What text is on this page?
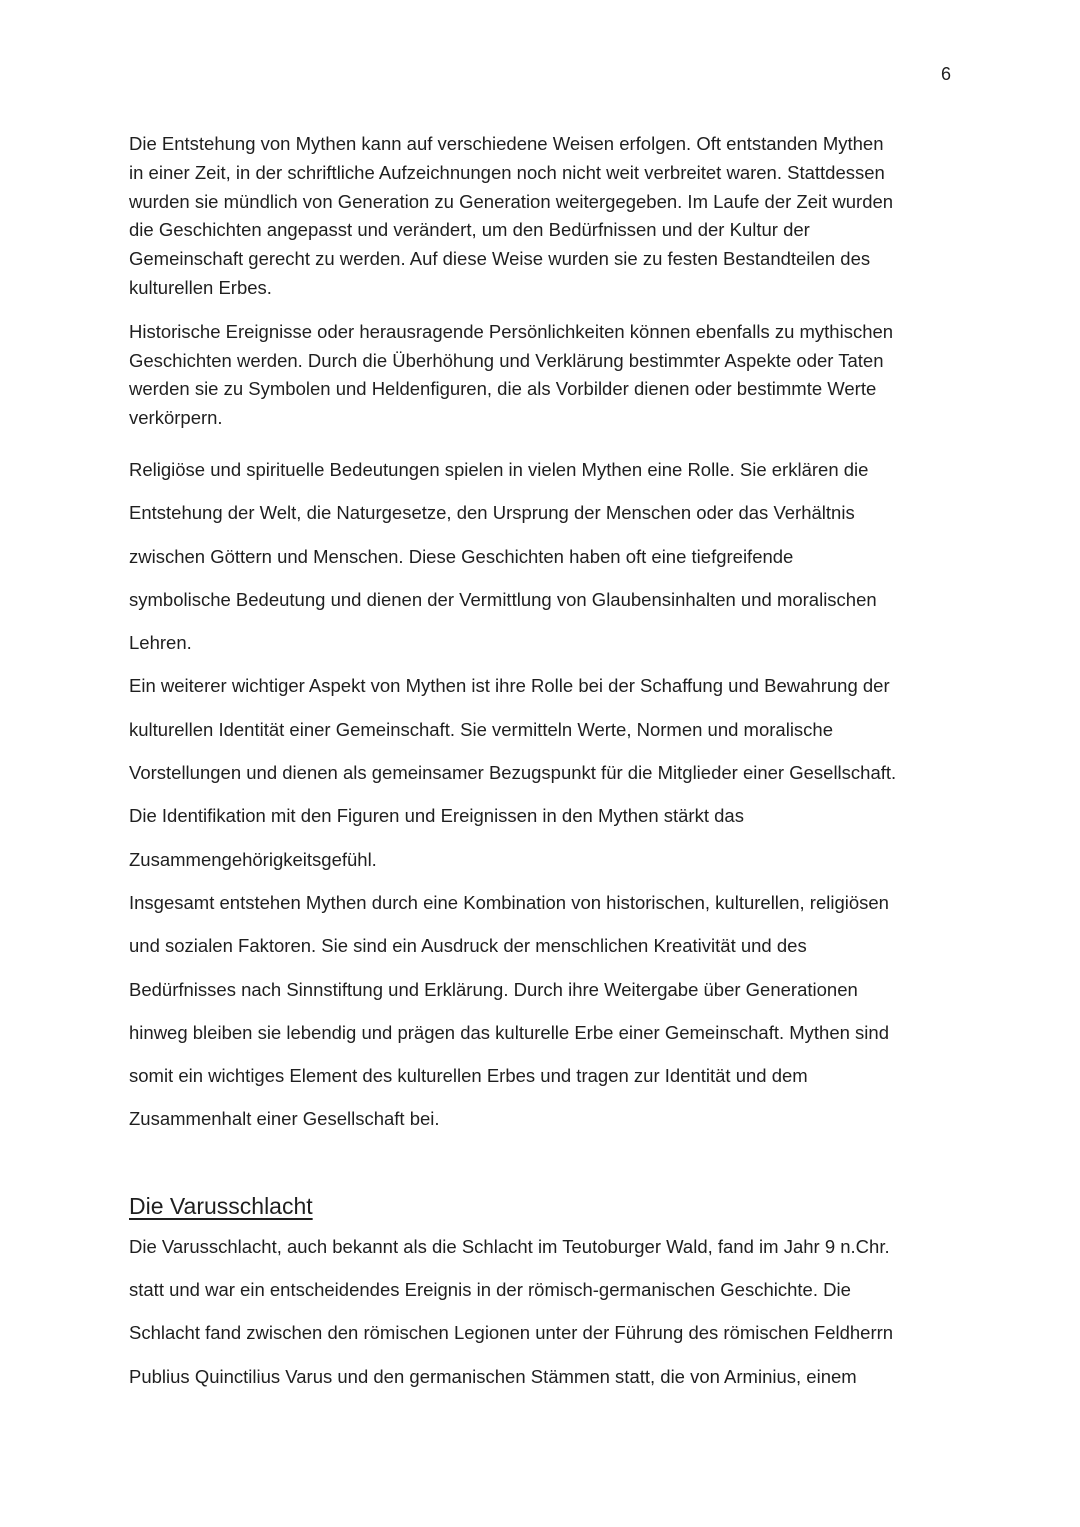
6

Die Entstehung von Mythen kann auf verschiedene Weisen erfolgen. Oft entstanden Mythen

in einer Zeit, in der schriftliche Aufzeichnungen noch nicht weit verbreitet waren. Stattdessen

wurden sie mündlich von Generation zu Generation weitergegeben. Im Laufe der Zeit wurden

die Geschichten angepasst und verändert, um den Bedürfnissen und der Kultur der

Gemeinschaft gerecht zu werden. Auf diese Weise wurden sie zu festen Bestandteilen des

kulturellen Erbes.

Historische Ereignisse oder herausragende Persönlichkeiten können ebenfalls zu mythischen

Geschichten werden. Durch die Überhöhung und Verklärung bestimmter Aspekte oder Taten

werden sie zu Symbolen und Heldenfiguren, die als Vorbilder dienen oder bestimmte Werte

verkörpern.

Religiöse und spirituelle Bedeutungen spielen in vielen Mythen eine Rolle. Sie erklären die

Entstehung der Welt, die Naturgesetze, den Ursprung der Menschen oder das Verhältnis

zwischen Göttern und Menschen. Diese Geschichten haben oft eine tiefgreifende

symbolische Bedeutung und dienen der Vermittlung von Glaubensinhalten und moralischen

Lehren.

Ein weiterer wichtiger Aspekt von Mythen ist ihre Rolle bei der Schaffung und Bewahrung der

kulturellen Identität einer Gemeinschaft. Sie vermitteln Werte, Normen und moralische

Vorstellungen und dienen als gemeinsamer Bezugspunkt für die Mitglieder einer Gesellschaft.

Die Identifikation mit den Figuren und Ereignissen in den Mythen stärkt das

Zusammengehörigkeitsgefühl.

Insgesamt entstehen Mythen durch eine Kombination von historischen, kulturellen, religiösen

und sozialen Faktoren. Sie sind ein Ausdruck der menschlichen Kreativität und des

Bedürfnisses nach Sinnstiftung und Erklärung. Durch ihre Weitergabe über Generationen

hinweg bleiben sie lebendig und prägen das kulturelle Erbe einer Gemeinschaft. Mythen sind

somit ein wichtiges Element des kulturellen Erbes und tragen zur Identität und dem

Zusammenhalt einer Gesellschaft bei.

Die Varusschlacht

Die Varusschlacht, auch bekannt als die Schlacht im Teutoburger Wald, fand im Jahr 9 n.Chr.

statt und war ein entscheidendes Ereignis in der römisch-germanischen Geschichte. Die

Schlacht fand zwischen den römischen Legionen unter der Führung des römischen Feldherrn

Publius Quinctilius Varus und den germanischen Stämmen statt, die von Arminius, einem
